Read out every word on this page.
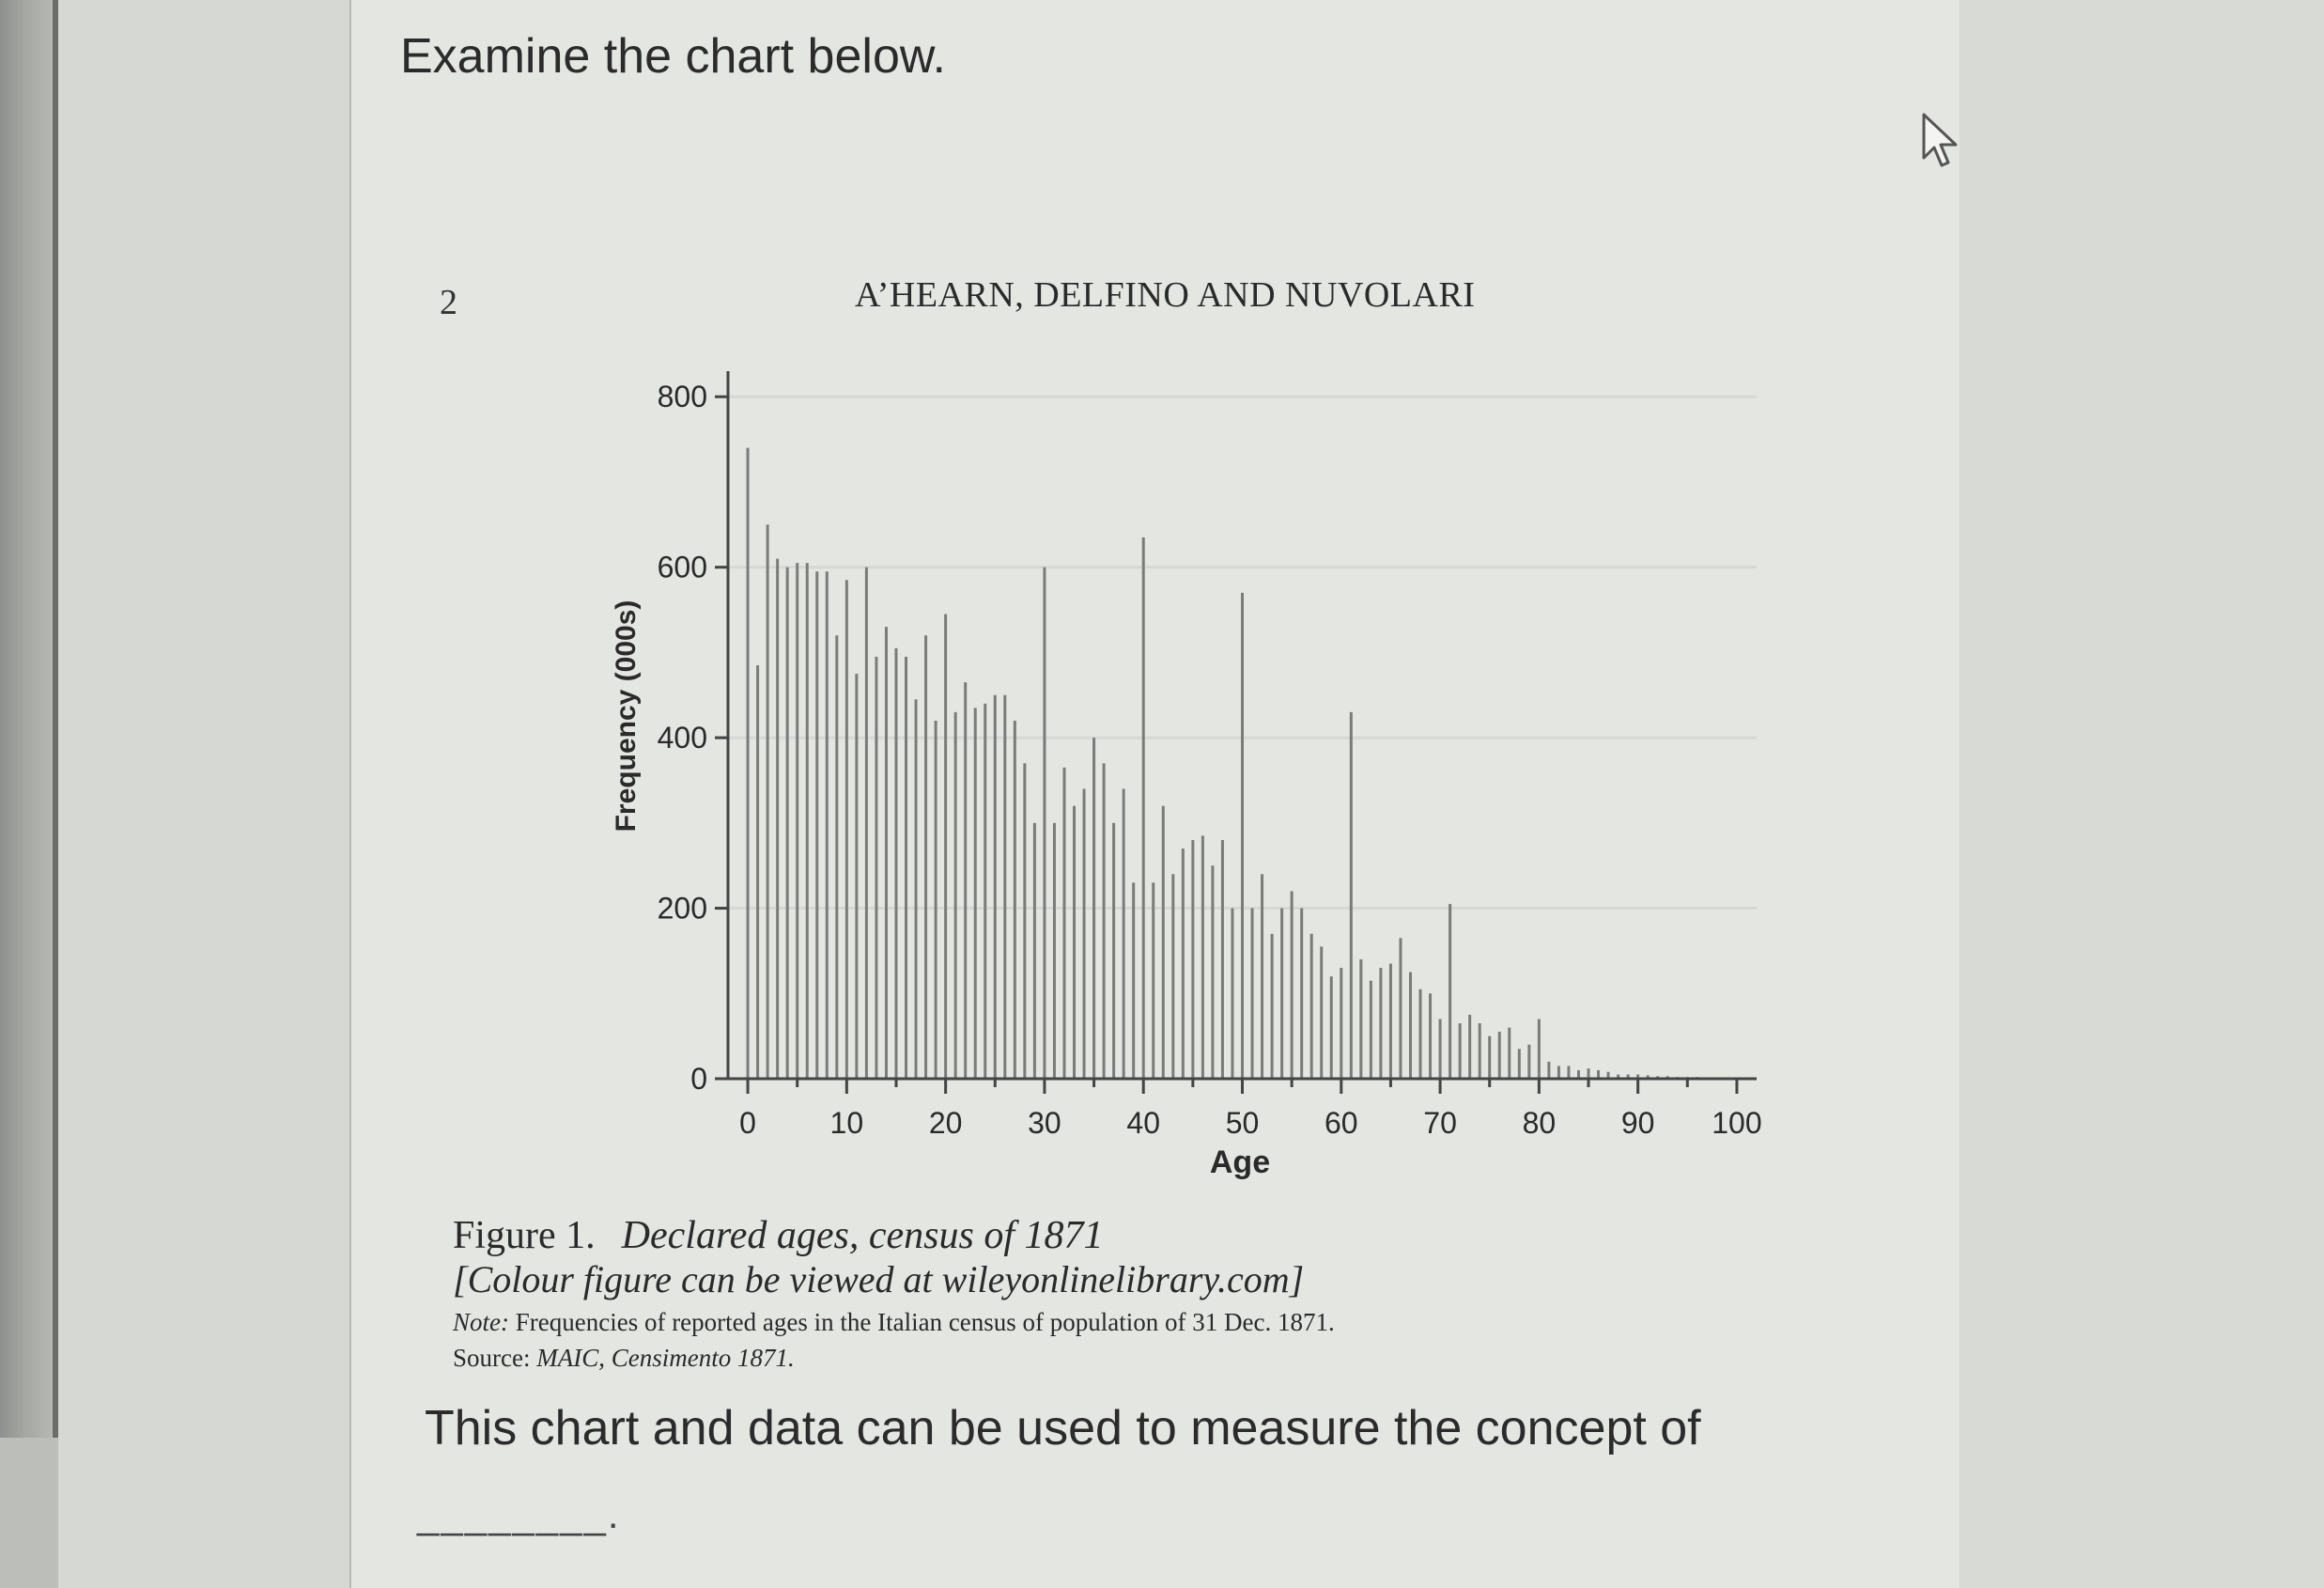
Examine the chart below.
2	A’HEARN, DELFINO AND NUVOLARI
0
200
400
600
800
0 10 20 30 40 50 60 70 80 90 100
Age
Frequency (000s)
Figure 1. Declared ages, census of 1871
[Colour figure can be viewed at wileyonlinelibrary.com]
Note: Frequencies of reported ages in the Italian census of population of 31 Dec. 1871.
Source: MAIC, Censimento 1871.
This chart and data can be used to measure the concept of
________.
